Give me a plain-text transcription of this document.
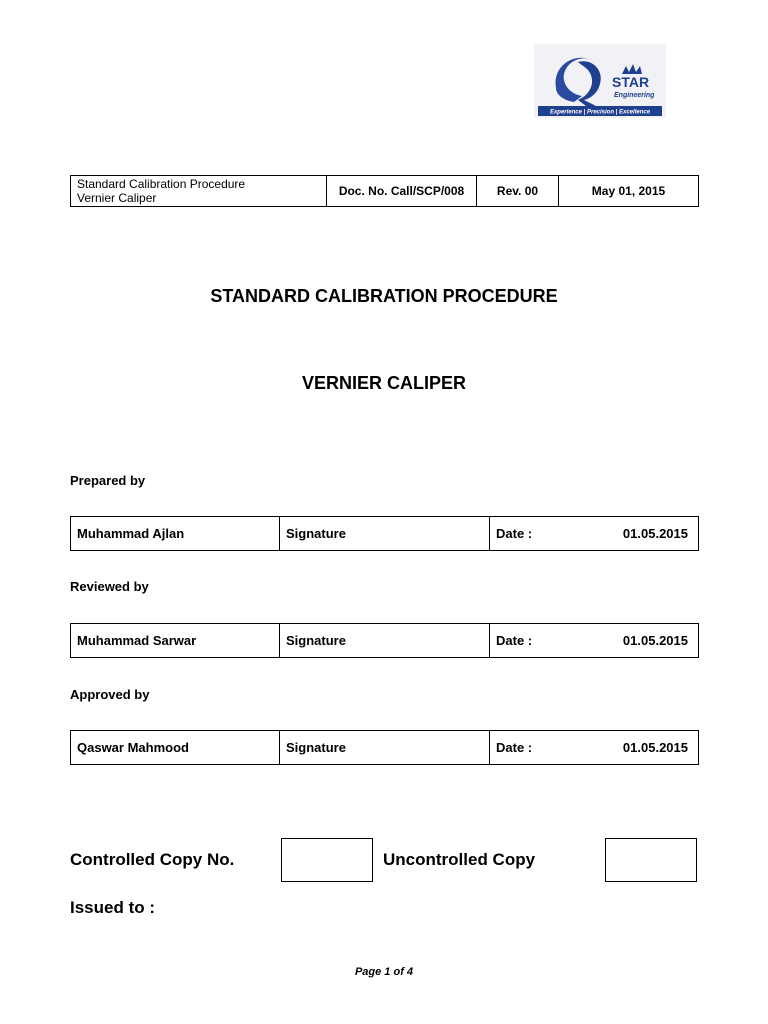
STAR
Engineering
Experience | Precision | Excellence
Standard Calibration Procedure
Vernier Caliper	Doc. No. Call/SCP/008	Rev. 00	May 01, 2015
STANDARD CALIBRATION PROCEDURE
VERNIER CALIPER
Prepared by
Muhammad Ajlan	Signature	Date :	01.05.2015
Reviewed by
Muhammad Sarwar	Signature	Date :	01.05.2015
Approved by
Qaswar Mahmood	Signature	Date :	01.05.2015
Controlled Copy No.	Uncontrolled Copy
Issued to :
Page 1 of 4
